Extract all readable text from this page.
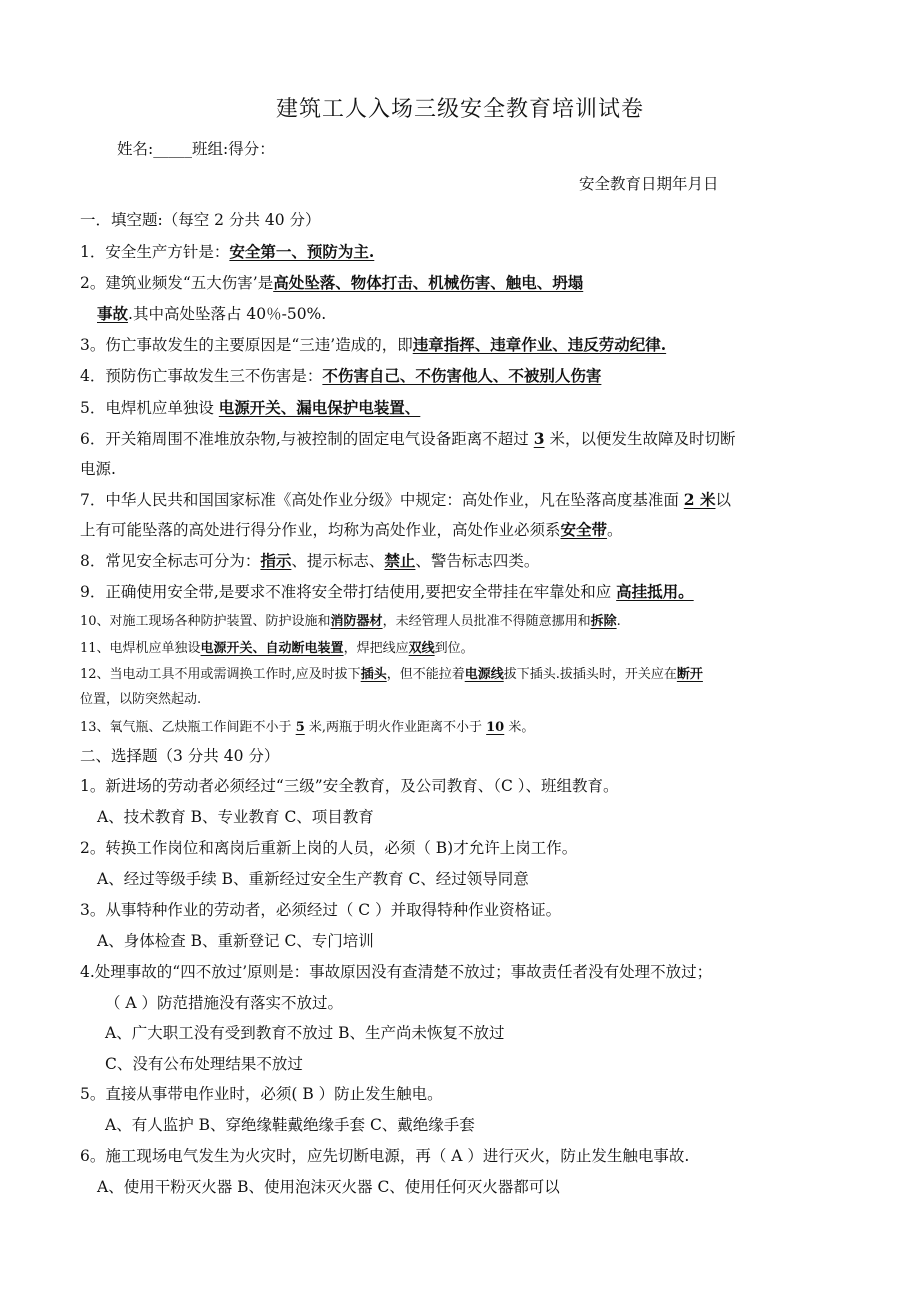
建筑工人入场三级安全教育培训试卷
姓名:_____班组:得分：
安全教育日期年月日
一．填空题:（每空 2 分共 40 分）
1．安全生产方针是：安全第一、预防为主.
2。建筑业频发“五大伤害’是高处坠落、物体打击、机械伤害、触电、坍塌
事故.其中高处坠落占 40％-50%.
3。伤亡事故发生的主要原因是“三违’造成的，即违章指挥、违章作业、违反劳动纪律.
4．预防伤亡事故发生三不伤害是：不伤害自己、不伤害他人、不被别人伤害
5．电焊机应单独设 电源开关、漏电保护电装置、
6．开关箱周围不准堆放杂物,与被控制的固定电气设备距离不超过 3 米，以便发生故障及时切断
电源.
7．中华人民共和国国家标准《高处作业分级》中规定：高处作业，凡在坠落高度基准面 2 米以
上有可能坠落的高处进行得分作业，均称为高处作业，高处作业必须系安全带。
8．常见安全标志可分为：指示、提示标志、禁止、警告标志四类。
9．正确使用安全带,是要求不准将安全带打结使用,要把安全带挂在牢靠处和应 高挂抵用。
10、对施工现场各种防护装置、防护设施和消防器材，未经管理人员批准不得随意挪用和拆除.
11、电焊机应单独设电源开关、自动断电装置，焊把线应双线到位。
12、当电动工具不用或需调换工作时,应及时拔下插头，但不能拉着电源线拔下插头.拔插头时，开关应在断开
位置，以防突然起动.
13、氧气瓶、乙炔瓶工作间距不小于 5 米,两瓶于明火作业距离不小于 10 米。
二、选择题（3 分共 40 分）
1。新进场的劳动者必须经过“三级”安全教育，及公司教育、（C ）、班组教育。
A、技术教育 B、专业教育 C、项目教育
2。转换工作岗位和离岗后重新上岗的人员，必须（ B)才允许上岗工作。
A、经过等级手续 B、重新经过安全生产教育 C、经过领导同意
3。从事特种作业的劳动者，必须经过（ C ）并取得特种作业资格证。
A、身体检查 B、重新登记 C、专门培训
4.处理事故的“四不放过’原则是：事故原因没有查清楚不放过；事故责任者没有处理不放过；
（ A ）防范措施没有落实不放过。
A、广大职工没有受到教育不放过 B、生产尚未恢复不放过
C、没有公布处理结果不放过
5。直接从事带电作业时，必须( B ）防止发生触电。
A、有人监护 B、穿绝缘鞋戴绝缘手套 C、戴绝缘手套
6。施工现场电气发生为火灾时，应先切断电源，再（ A ）进行灭火，防止发生触电事故.
A、使用干粉灭火器 B、使用泡沫灭火器 C、使用任何灭火器都可以
